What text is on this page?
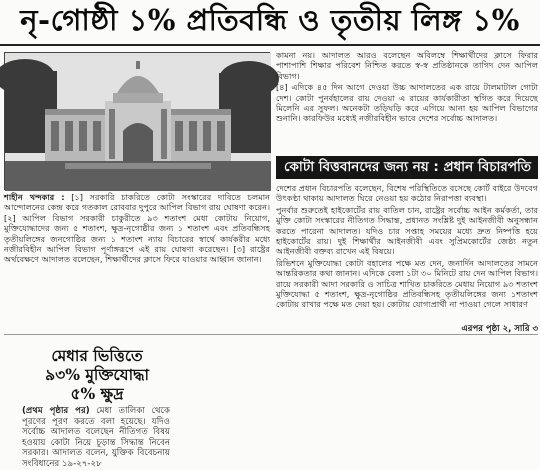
নৃ-গোষ্ঠী ১% প্রতিবন্ধি ও তৃতীয় লিঙ্গ ১%

শাহীন খন্দকার : [১] সরকারি চাকরিতে কোটা সংস্কারের দাবিতে চলমান আন্দোলনের কেন্দ্র করে গতকাল রোববার দুপুরে আপিল বিভাগ রায় ঘোষণা করেন। [২] আপিল বিভাগ সরকারী চাকুরীতে ৯৩ শতাংশ মেধা কোটায় নিয়োগ, মুক্তিযোদ্ধাদের জন্য ৫ শতাংশ, ক্ষুদ্র-নৃগোষ্ঠীর জন্য ১ শতাংশ এবং প্রতিবন্ধিসহ তৃতীয়লিঙ্গের জনগোষ্ঠির জন্য ১ শতাংশ ন্যায় বিচারের স্বার্থে কার্যকরীর মধ্যে নজীরবিহীন আপিল বিভাগ পূর্ণাঙ্গরূপে এই রায় ঘোষণা করেছেন। [৩] রাষ্ট্রের অর্থবেক্ষণে আদালত বলেছেন, শিক্ষার্থীদের ক্লাসে ফিরে যাওয়ার আহ্বান জানান।

কামনা নয়। আদালত আরও বলেছেন অবিলম্বে শিক্ষার্থীদের ক্লাসে ফিরার পাশাপাশি শিক্ষার পরিবেশ নিশ্চিত করতে স্ব-স্ব প্রতিষ্ঠানকে তাগিদ দেন আপিল বিভাগ।

[৪] এদিকে ৪৫ দিন আগে দেওয়া উচ্চ আদালতের এক রায়ে টালমাটাল গোটা দেশ। কোটা পুনর্বহালের রায় দেওয়া এ রায়ের কার্যকারীতা স্থগিত করে দিয়েছে মিলেনি এর সুফল। অনেকটা তড়িঘড়ি করে এগিয়ে আনা হয় আপিল বিভাগের শুনানি। কারফিউর মধ্যেই নজীরবিহীন ভাবে দেশের সর্বোচ্চ আদালত।

কোটা বিত্তবানদের জন্য নয় : প্রধান বিচারপতি

দেশের প্রধান বিচারপতি বলেছেন, বিশেষ পরিস্থিতিতে বসেছে কোর্ট বাইরে উদবেগ উৎকণ্ঠা থাকায় আদালত ঘিরে নেওয়া হয় কঠোর নিরাপত্তা ব্যবস্থা।

পুনর্বার শুরুতেই হাইকোর্টের রায় বাতিল চান, রাষ্ট্রের সর্বোচ্চ আইন কর্মকর্তা, তার মুক্তি কোটা সংস্কারের নীতিগত সিদ্ধান্ত, প্রধানত সংশ্লিষ্ট দুই আইনজীবী অনুসন্ধান করতে পারেনা আদালত। যদিও চার সপ্তাহ সময়ের মধ্যে দ্রুত নিষ্পত্তি হয়ে হাইকোর্টের রায়। দুই শিক্ষার্থীর আইনজীবী এবং সুপ্রিমকোর্টের জেষ্ঠ্য নতুন আইনজীবী বক্তব্য রাখেন এই বিষয়ে।

রিভিশনে মুক্তিযোদ্ধা কোটা বহালের পক্ষে মত দেন, জনার্দিন আদালতের সামনে আন্তরিকতার কথা জানান। এদিকে বেলা ১টা ৩০ মিনিটে রায় দেন আপিল বিভাগ। রায়ে সরকারী আদা সরকারি ও সাচিত্র শাখিত চাকরিতে মেধায় নিয়োগ ৯৩ শতাংশ মুক্তিযোদ্ধা ৫ শতাংশ, ক্ষুদ্র-নৃগোষ্ঠির প্রতিবন্ধিসহ তৃতীয়লিঙ্গের জন্য ১শতাংশ কোটায় রাখার পক্ষে মত দেয়া হয়। কোটায় যোগ্যপ্রার্থী না পাওয়া গেলে সাধারণ

এরপর পৃষ্ঠা ২, সারি ৩
মেধার ভিত্তিতে
৯৩% মুক্তিযোদ্ধা
৫% ক্ষুদ্র
(প্রথম পৃষ্ঠার পর) মেধা তালিকা থেকে পূরণের পূরণ করতে বলা হয়েছে। যদিও সর্বোচ্চ আদালত বলেছেন নীতিগত বিষয় হওয়ায় কোটা নিয়ে চূড়ান্ত সিদ্ধান্ত নিবেন সরকার। আদালত বলেন, যুক্তিক বিবেচনায় সংবিধানের ১৯-২৭-২৮
